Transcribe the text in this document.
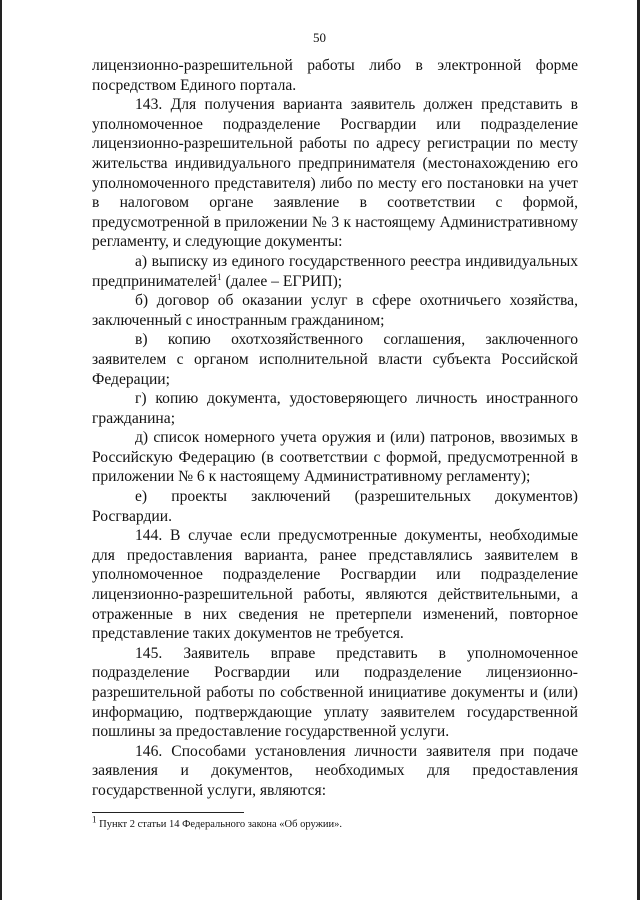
50

лицензионно-разрешительной работы либо в электронной форме посредством Единого портала.

143. Для получения варианта заявитель должен представить в уполномоченное подразделение Росгвардии или подразделение лицензионно-разрешительной работы по адресу регистрации по месту жительства индивидуального предпринимателя (местонахождению его уполномоченного представителя) либо по месту его постановки на учет в налоговом органе заявление в соответствии с формой, предусмотренной в приложении № 3 к настоящему Административному регламенту, и следующие документы:

а) выписку из единого государственного реестра индивидуальных предпринимателей$^1$ (далее – ЕГРИП);

б) договор об оказании услуг в сфере охотничьего хозяйства, заключенный с иностранным гражданином;

в) копию охотхозяйственного соглашения, заключенного заявителем с органом исполнительной власти субъекта Российской Федерации;

г) копию документа, удостоверяющего личность иностранного гражданина;

д) список номерного учета оружия и (или) патронов, ввозимых в Российскую Федерацию (в соответствии с формой, предусмотренной в приложении № 6 к настоящему Административному регламенту);

е) проекты заключений (разрешительных документов) Росгвардии.

144. В случае если предусмотренные документы, необходимые для предоставления варианта, ранее представлялись заявителем в уполномоченное подразделение Росгвардии или подразделение лицензионно-разрешительной работы, являются действительными, а отраженные в них сведения не претерпели изменений, повторное представление таких документов не требуется.

145. Заявитель вправе представить в уполномоченное подразделение Росгвардии или подразделение лицензионно-разрешительной работы по собственной инициативе документы и (или) информацию, подтверждающие уплату заявителем государственной пошлины за предоставление государственной услуги.

146. Способами установления личности заявителя при подаче заявления и документов, необходимых для предоставления государственной услуги, являются:

$^1$ Пункт 2 статьи 14 Федерального закона «Об оружии».
